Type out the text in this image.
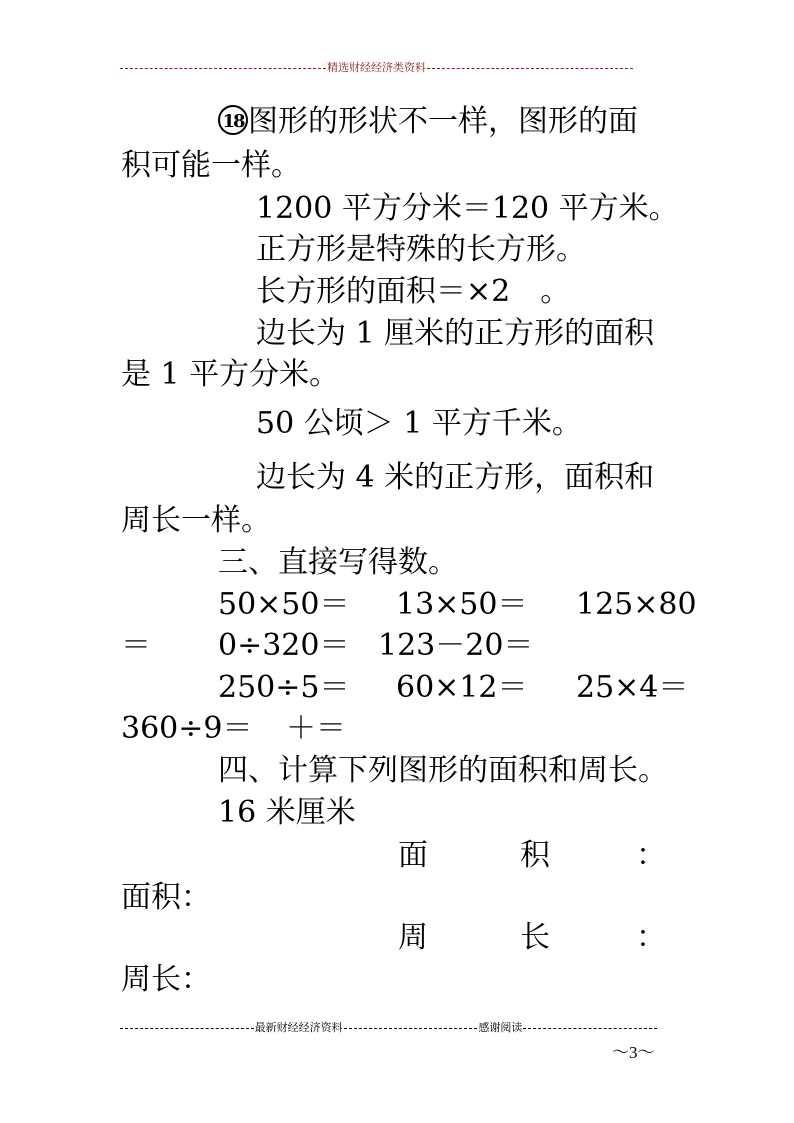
精选财经经济类资料
18 图形的形状不一样，图形的面
积可能一样。
1200 平方分米＝120 平方米。
正方形是特殊的长方形。
长方形的面积＝×2　。
边长为 1 厘米的正方形的面积
是 1 平方分米。
50 公顷＞ 1 平方千米。
边长为 4 米的正方形，面积和
周长一样。
三、直接写得数。
50×50＝ 13×50＝ 125×80
＝ 0÷320＝ 123－20＝
250÷5＝ 60×12＝ 25×4＝
360÷9＝ ＋＝
四、计算下列图形的面积和周长。
16 米厘米
面	积	：
面积：
周	长	：
周长：
最新财经经济资料	感谢阅读
～3～
